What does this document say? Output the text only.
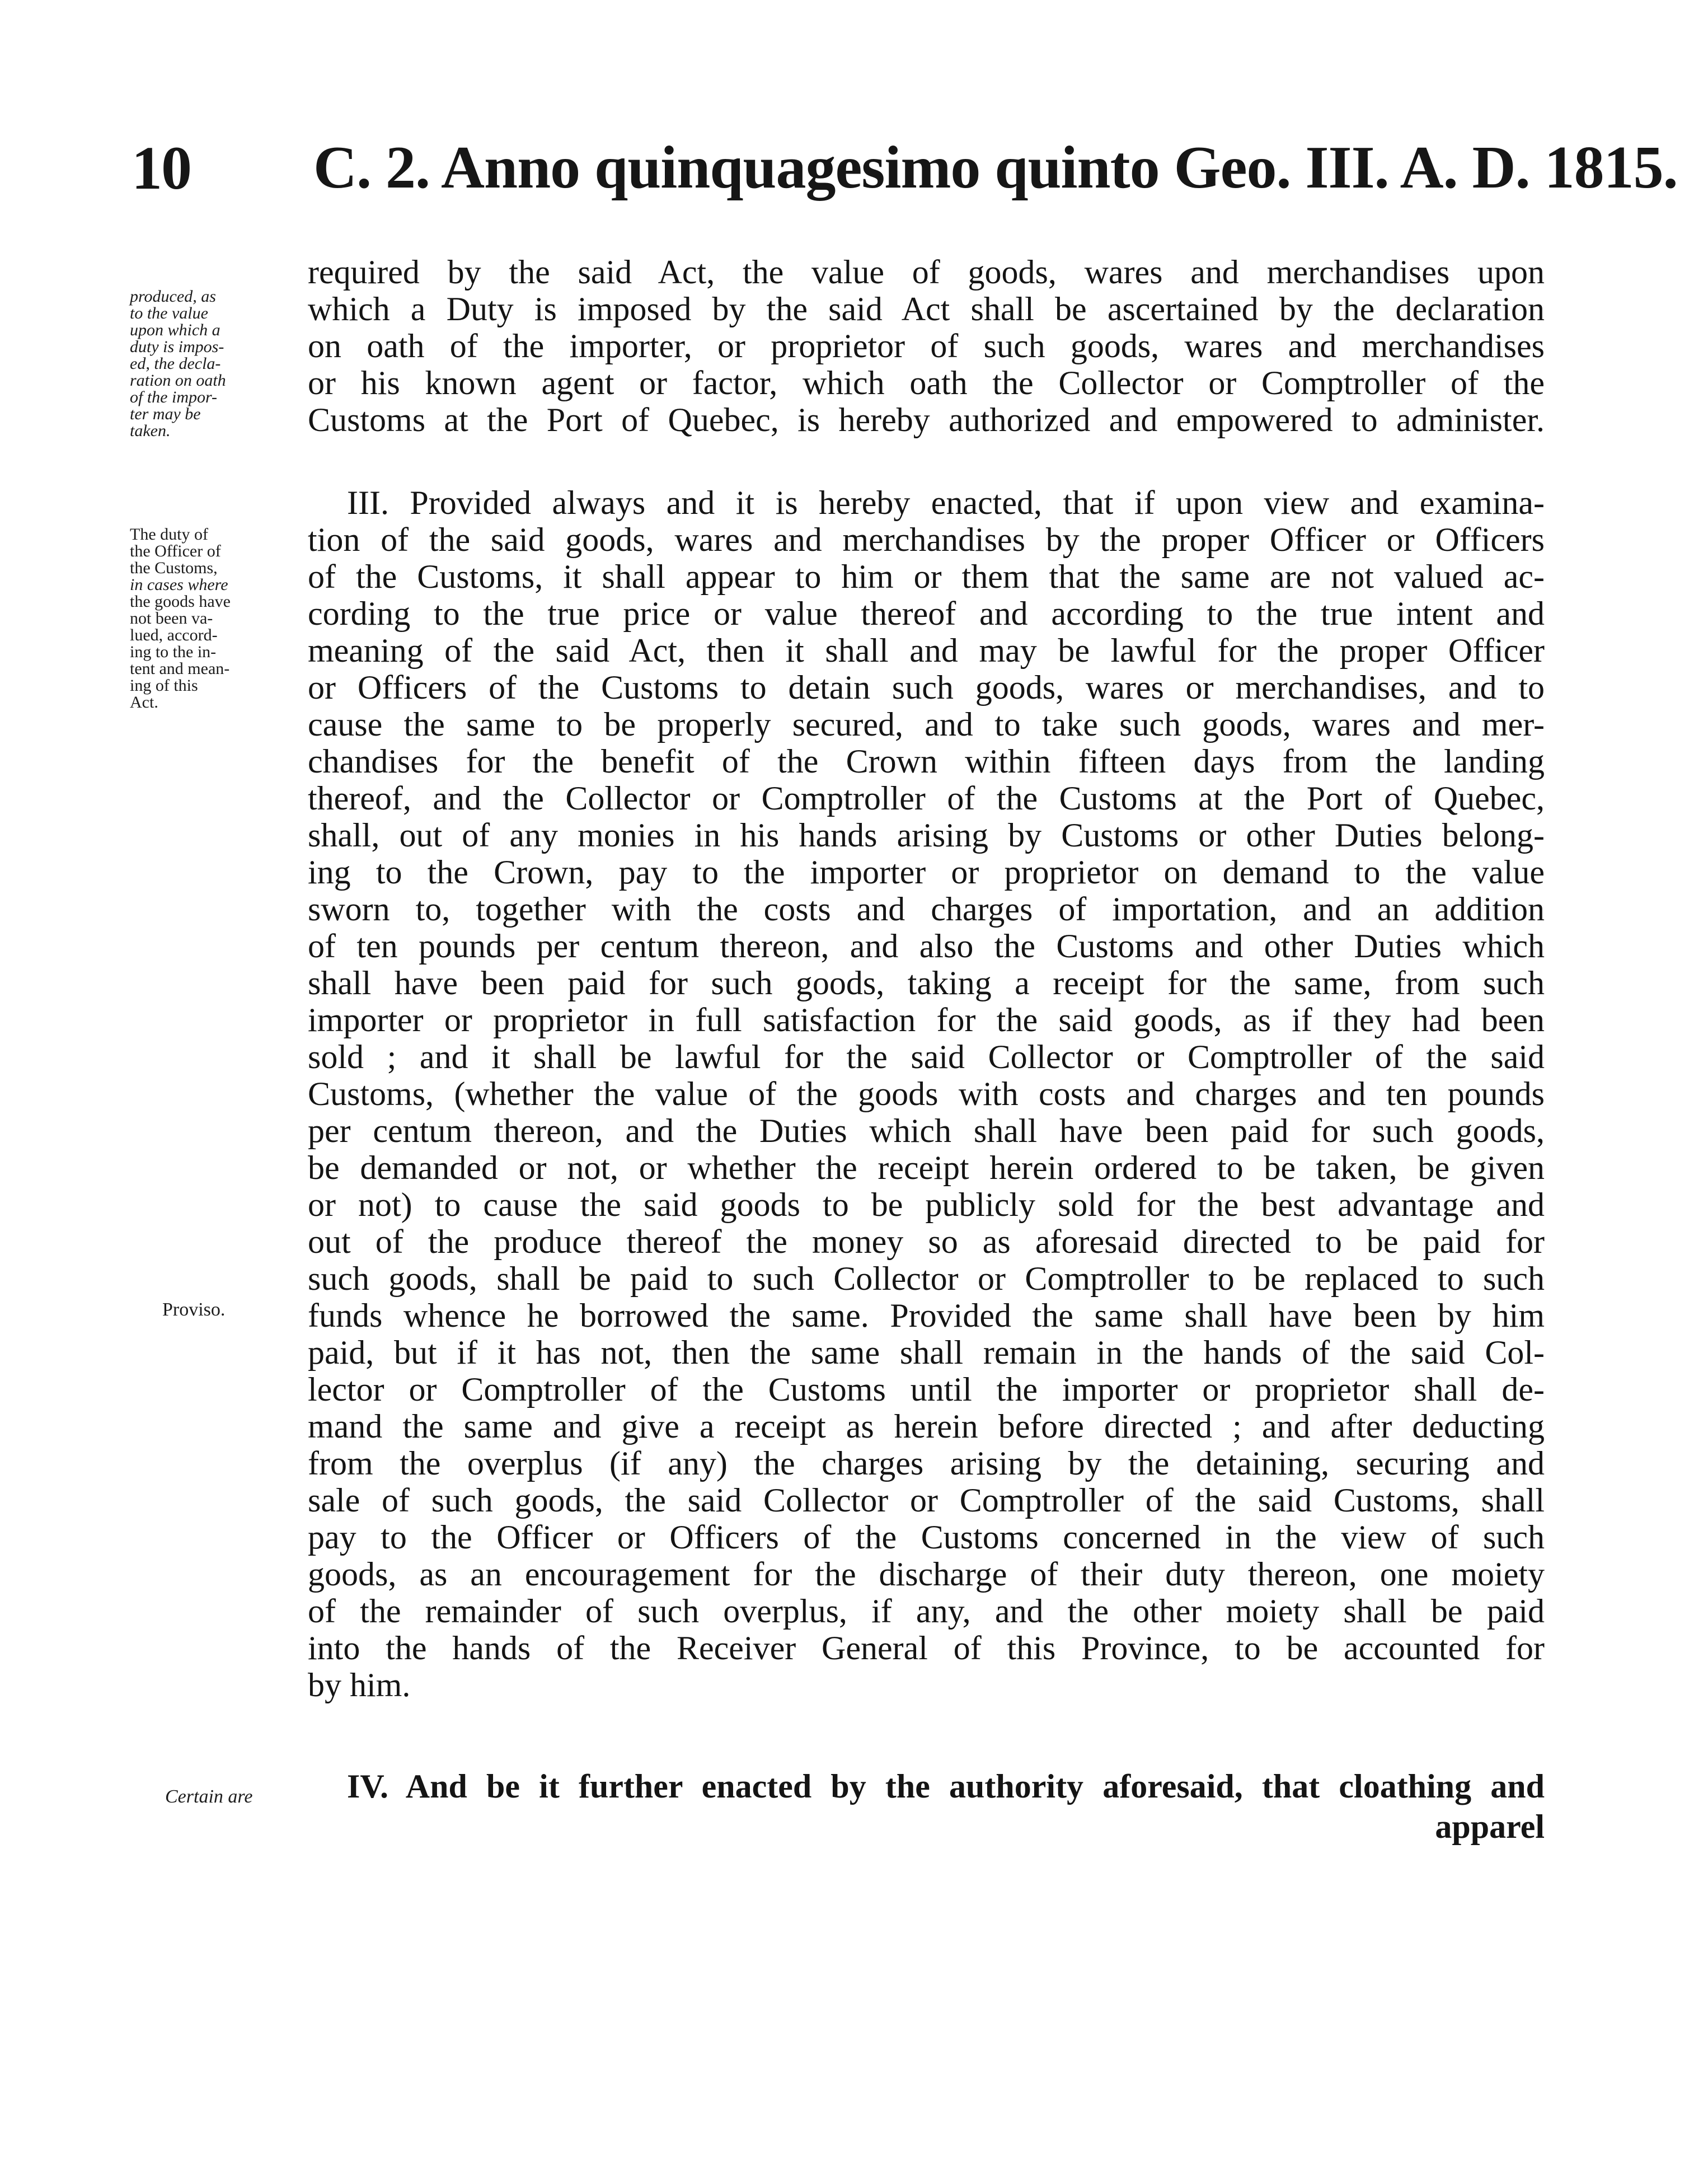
10 C. 2. Anno quinquagesimo quinto Geo. III. A. D. 1815.
produced, as
to the value
upon which a
duty is impos-
ed, the decla-
ration on oath
of the impor-
ter may be
taken.
The duty of
the Officer of
the Customs,
in cases where
the goods have
not been va-
lued, accord-
ing to the in-
tent and mean-
ing of this
Act.
Proviso.
Certain are
required by the said Act, the value of goods, wares and merchandises upon
which a Duty is imposed by the said Act shall be ascertained by the declaration
on oath of the importer, or proprietor of such goods, wares and merchandises
or his known agent or factor, which oath the Collector or Comptroller of the
Customs at the Port of Quebec, is hereby authorized and empowered to administer.
III. Provided always and it is hereby enacted, that if upon view and examina-
tion of the said goods, wares and merchandises by the proper Officer or Officers
of the Customs, it shall appear to him or them that the same are not valued ac-
cording to the true price or value thereof and according to the true intent and
meaning of the said Act, then it shall and may be lawful for the proper Officer
or Officers of the Customs to detain such goods, wares or merchandises, and to
cause the same to be properly secured, and to take such goods, wares and mer-
chandises for the benefit of the Crown within fifteen days from the landing
thereof, and the Collector or Comptroller of the Customs at the Port of Quebec,
shall, out of any monies in his hands arising by Customs or other Duties belong-
ing to the Crown, pay to the importer or proprietor on demand to the value
sworn to, together with the costs and charges of importation, and an addition
of ten pounds per centum thereon, and also the Customs and other Duties which
shall have been paid for such goods, taking a receipt for the same, from such
importer or proprietor in full satisfaction for the said goods, as if they had been
sold ; and it shall be lawful for the said Collector or Comptroller of the said
Customs, (whether the value of the goods with costs and charges and ten pounds
per centum thereon, and the Duties which shall have been paid for such goods,
be demanded or not, or whether the receipt herein ordered to be taken, be given
or not) to cause the said goods to be publicly sold for the best advantage and
out of the produce thereof the money so as aforesaid directed to be paid for
such goods, shall be paid to such Collector or Comptroller to be replaced to such
funds whence he borrowed the same. Provided the same shall have been by him
paid, but if it has not, then the same shall remain in the hands of the said Col-
lector or Comptroller of the Customs until the importer or proprietor shall de-
mand the same and give a receipt as herein before directed ; and after deducting
from the overplus (if any) the charges arising by the detaining, securing and
sale of such goods, the said Collector or Comptroller of the said Customs, shall
pay to the Officer or Officers of the Customs concerned in the view of such
goods, as an encouragement for the discharge of their duty thereon, one moiety
of the remainder of such overplus, if any, and the other moiety shall be paid
into the hands of the Receiver General of this Province, to be accounted for
by him.
IV. And be it further enacted by the authority aforesaid, that cloathing and
apparel
